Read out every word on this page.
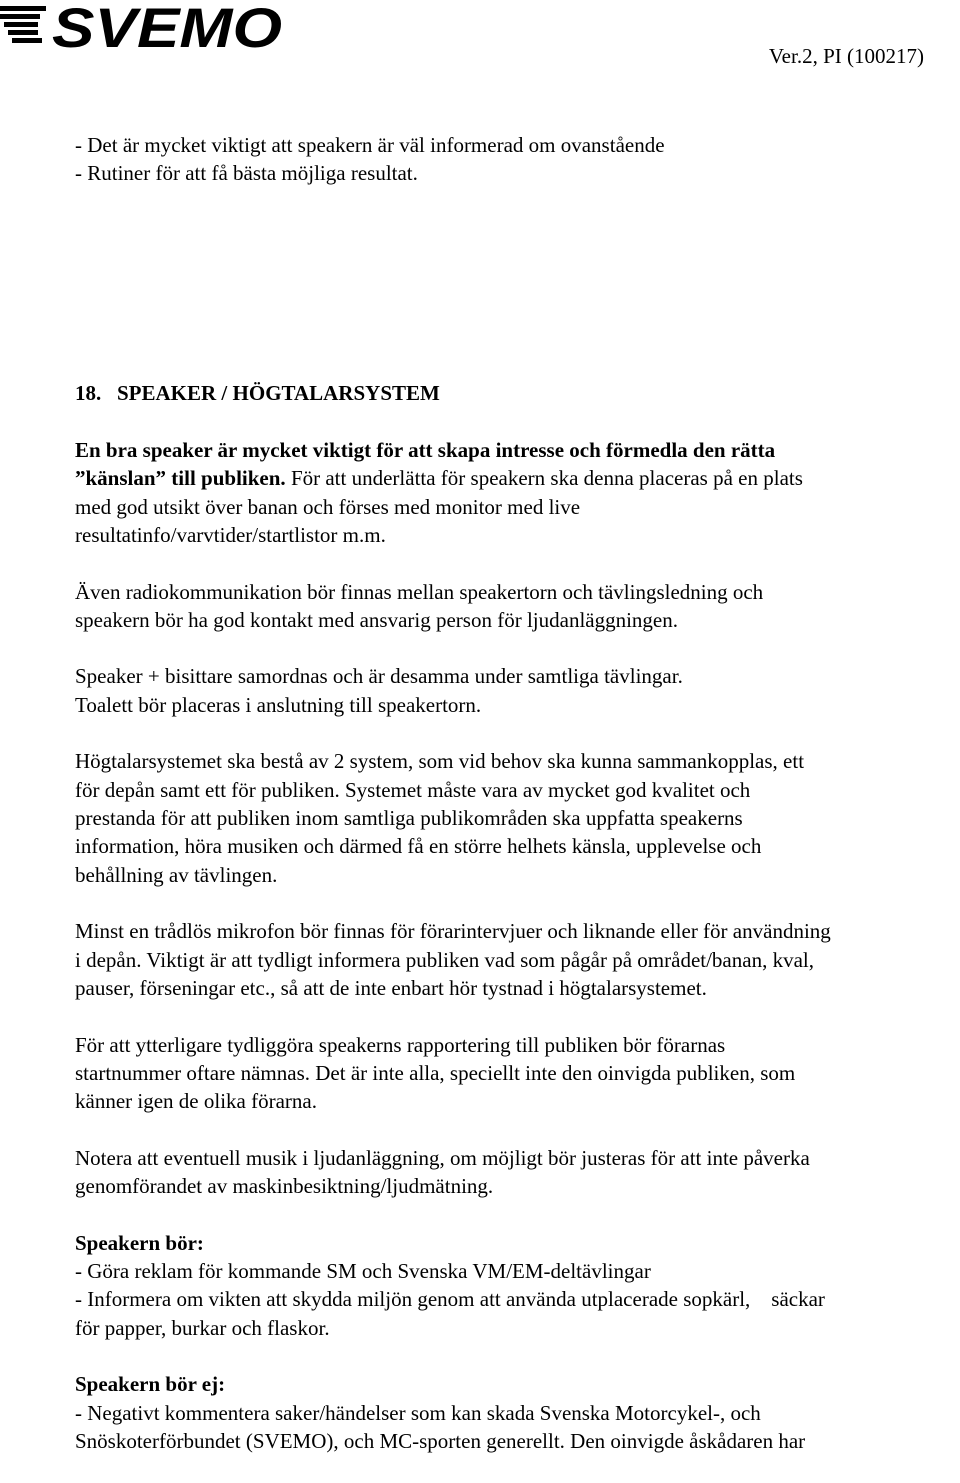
SVEMO	Ver.2, PI (100217)
- Det är mycket viktigt att speakern är väl informerad om ovanstående
- Rutiner för att få bästa möjliga resultat.
18. SPEAKER / HÖGTALARSYSTEM

En bra speaker är mycket viktigt för att skapa intresse och förmedla den rätta
”känslan” till publiken. För att underlätta för speakern ska denna placeras på en plats
med god utsikt över banan och förses med monitor med live
resultatinfo/varvtider/startlistor m.m.

Även radiokommunikation bör finnas mellan speakertorn och tävlingsledning och
speakern bör ha god kontakt med ansvarig person för ljudanläggningen.

Speaker + bisittare samordnas och är desamma under samtliga tävlingar.
Toalett bör placeras i anslutning till speakertorn.

Högtalarsystemet ska bestå av 2 system, som vid behov ska kunna sammankopplas, ett
för depån samt ett för publiken. Systemet måste vara av mycket god kvalitet och
prestanda för att publiken inom samtliga publikområden ska uppfatta speakerns
information, höra musiken och därmed få en större helhets känsla, upplevelse och
behållning av tävlingen.

Minst en trådlös mikrofon bör finnas för förarintervjuer och liknande eller för användning
i depån. Viktigt är att tydligt informera publiken vad som pågår på området/banan, kval,
pauser, förseningar etc., så att de inte enbart hör tystnad i högtalarsystemet.

För att ytterligare tydliggöra speakerns rapportering till publiken bör förarnas
startnummer oftare nämnas. Det är inte alla, speciellt inte den oinvigda publiken, som
känner igen de olika förarna.

Notera att eventuell musik i ljudanläggning, om möjligt bör justeras för att inte påverka
genomförandet av maskinbesiktning/ljudmätning.

Speakern bör:
- Göra reklam för kommande SM och Svenska VM/EM-deltävlingar
- Informera om vikten att skydda miljön genom att använda utplacerade sopkärl,    säckar
för papper, burkar och flaskor.

Speakern bör ej:
- Negativt kommentera saker/händelser som kan skada Svenska Motorcykel-, och
Snöskoterförbundet (SVEMO), och MC-sporten generellt. Den oinvigde åskådaren har
